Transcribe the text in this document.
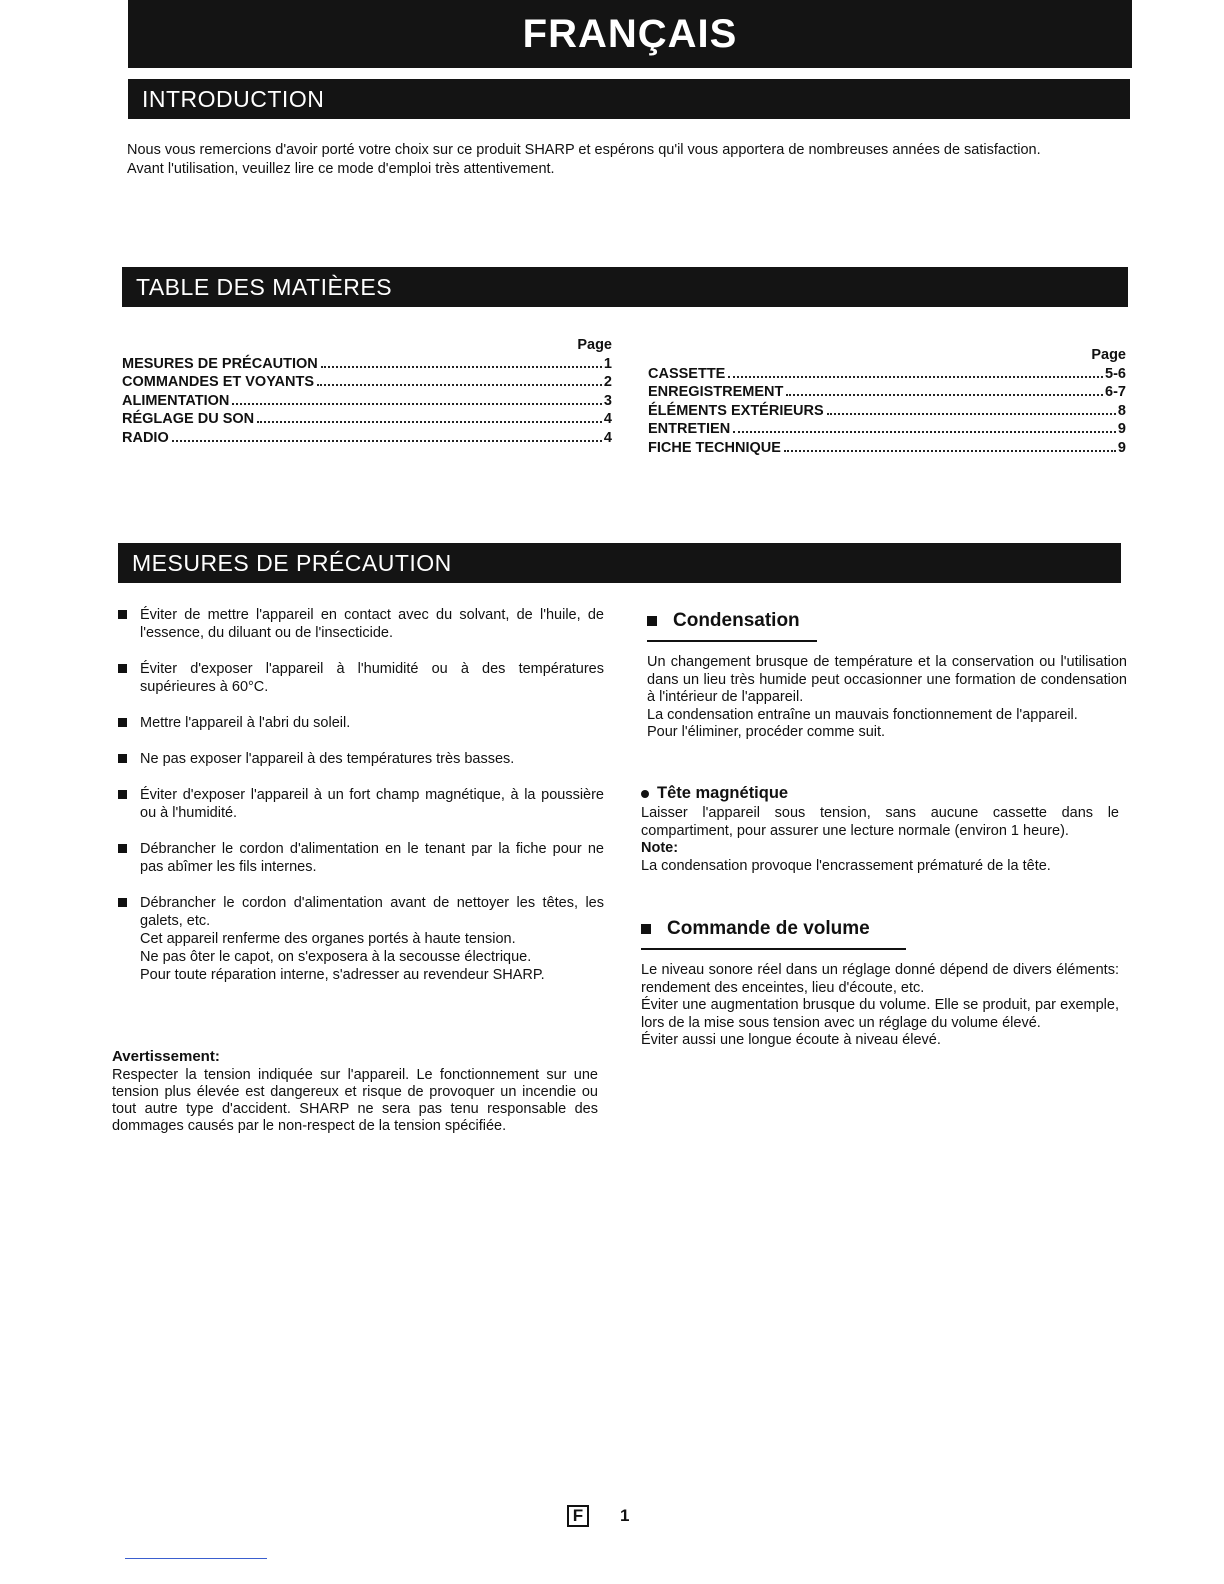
FRANÇAIS
INTRODUCTION
Nous vous remercions d'avoir porté votre choix sur ce produit SHARP et espérons qu'il vous apportera de nombreuses années de satisfaction.
Avant l'utilisation, veuillez lire ce mode d'emploi très attentivement.
TABLE DES MATIÈRES
Page
MESURES DE PRÉCAUTION	1
COMMANDES ET VOYANTS	2
ALIMENTATION	3
RÉGLAGE DU SON	4
RADIO	4
Page
CASSETTE	5-6
ENREGISTREMENT	6-7
ÉLÉMENTS EXTÉRIEURS	8
ENTRETIEN	9
FICHE TECHNIQUE	9
MESURES DE PRÉCAUTION
Éviter de mettre l'appareil en contact avec du solvant, de l'huile, de l'essence, du diluant ou de l'insecticide.
Éviter d'exposer l'appareil à l'humidité ou à des températures supérieures à 60°C.
Mettre l'appareil à l'abri du soleil.
Ne pas exposer l'appareil à des températures très basses.
Éviter d'exposer l'appareil à un fort champ magnétique, à la poussière ou à l'humidité.
Débrancher le cordon d'alimentation en le tenant par la fiche pour ne pas abîmer les fils internes.
Débrancher le cordon d'alimentation avant de nettoyer les têtes, les galets, etc.
Cet appareil renferme des organes portés à haute tension.
Ne pas ôter le capot, on s'exposera à la secousse électrique.
Pour toute réparation interne, s'adresser au revendeur SHARP.
Avertissement:
Respecter la tension indiquée sur l'appareil. Le fonctionnement sur une tension plus élevée est dangereux et risque de provoquer un incendie ou tout autre type d'accident. SHARP ne sera pas tenu responsable des dommages causés par le non-respect de la tension spécifiée.
Condensation
Un changement brusque de température et la conservation ou l'utilisation dans un lieu très humide peut occasionner une formation de condensation à l'intérieur de l'appareil.
La condensation entraîne un mauvais fonctionnement de l'appareil.
Pour l'éliminer, procéder comme suit.
Tête magnétique
Laisser l'appareil sous tension, sans aucune cassette dans le compartiment, pour assurer une lecture normale (environ 1 heure).
Note:
La condensation provoque l'encrassement prématuré de la tête.
Commande de volume
Le niveau sonore réel dans un réglage donné dépend de divers éléments: rendement des enceintes, lieu d'écoute, etc.
Éviter une augmentation brusque du volume. Elle se produit, par exemple, lors de la mise sous tension avec un réglage du volume élevé.
Éviter aussi une longue écoute à niveau élevé.
F	1
